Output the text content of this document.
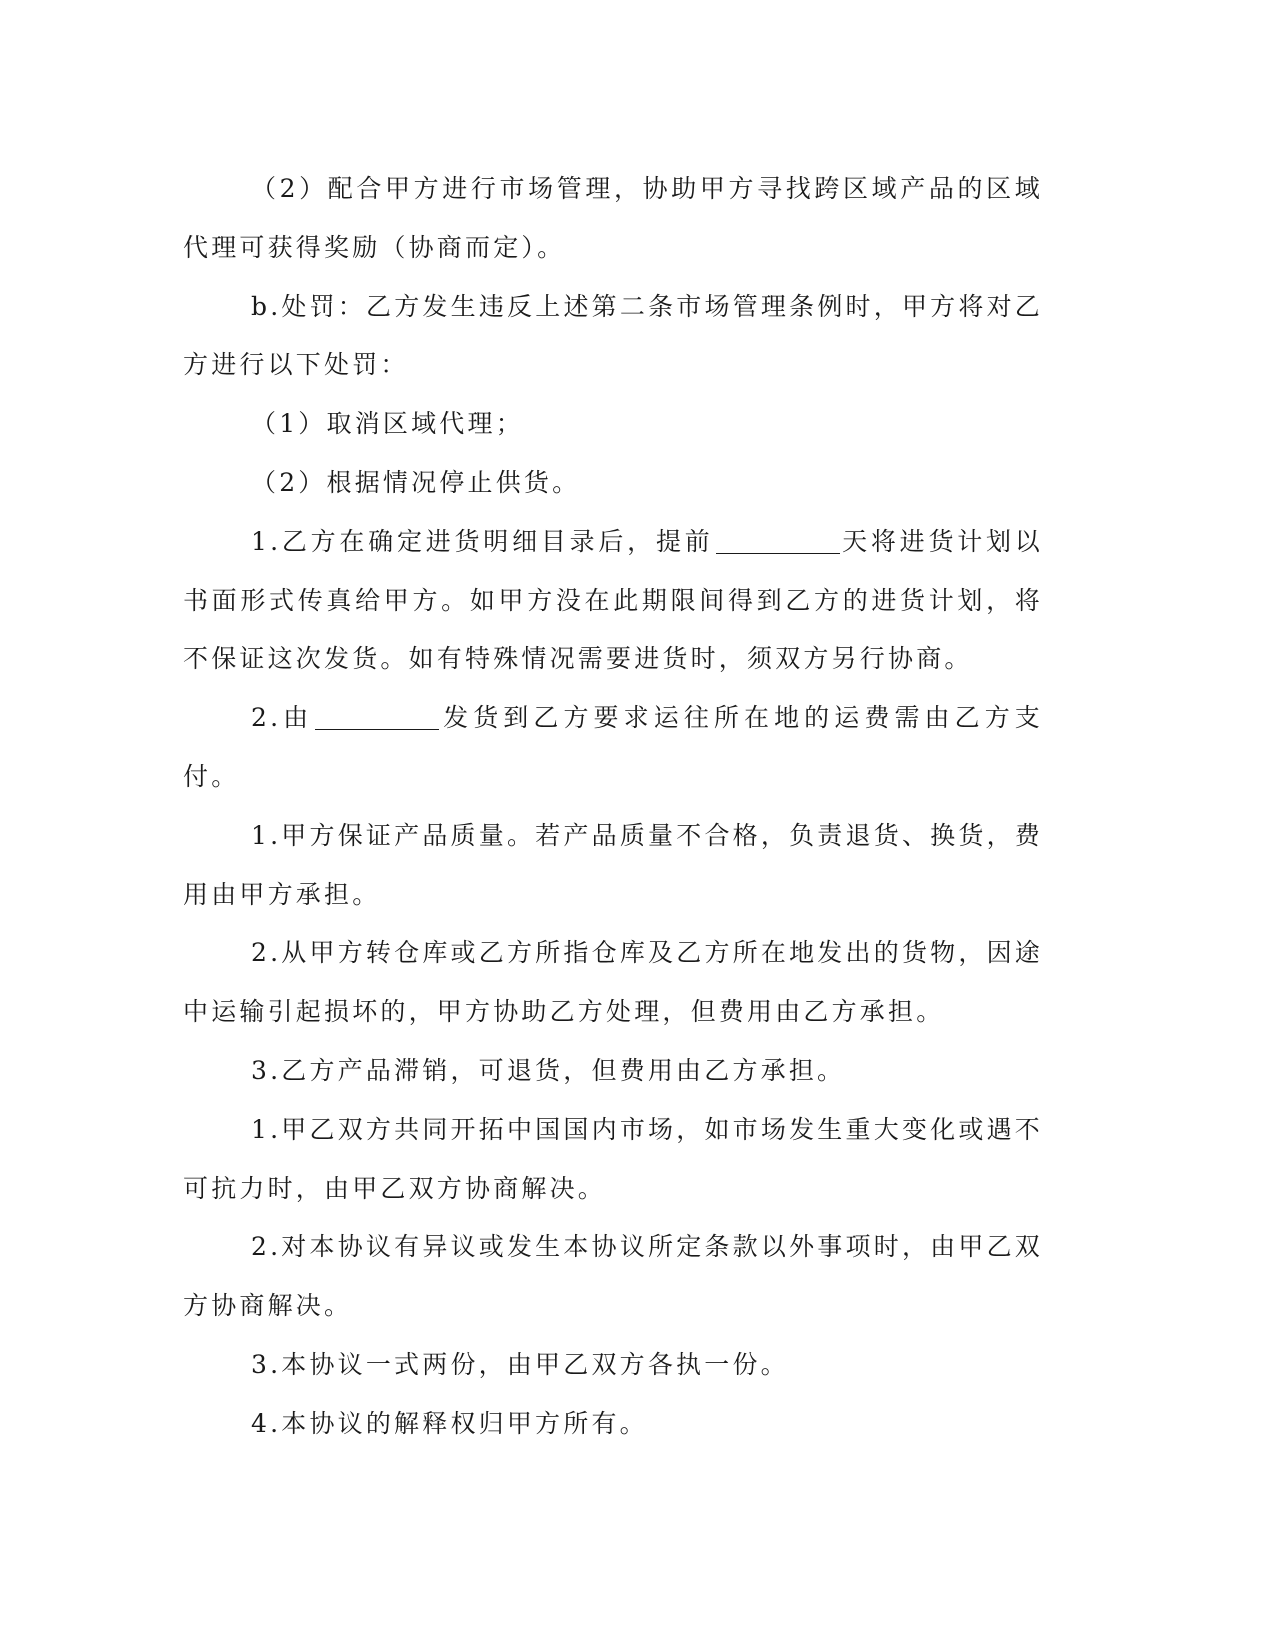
（2）配合甲方进行市场管理，协助甲方寻找跨区域产品的区域代理可获得奖励（协商而定）。

b.处罚：乙方发生违反上述第二条市场管理条例时，甲方将对乙方进行以下处罚：

（1）取消区域代理；

（2）根据情况停止供货。

1.乙方在确定进货明细目录后，提前	天将进货计划以书面形式传真给甲方。如甲方没在此期限间得到乙方的进货计划，将不保证这次发货。如有特殊情况需要进货时，须双方另行协商。

2.由	发货到乙方要求运往所在地的运费需由乙方支付。

1.甲方保证产品质量。若产品质量不合格，负责退货、换货，费用由甲方承担。

2.从甲方转仓库或乙方所指仓库及乙方所在地发出的货物，因途中运输引起损坏的，甲方协助乙方处理，但费用由乙方承担。

3.乙方产品滞销，可退货，但费用由乙方承担。

1.甲乙双方共同开拓中国国内市场，如市场发生重大变化或遇不可抗力时，由甲乙双方协商解决。

2.对本协议有异议或发生本协议所定条款以外事项时，由甲乙双方协商解决。

3.本协议一式两份，由甲乙双方各执一份。

4.本协议的解释权归甲方所有。
